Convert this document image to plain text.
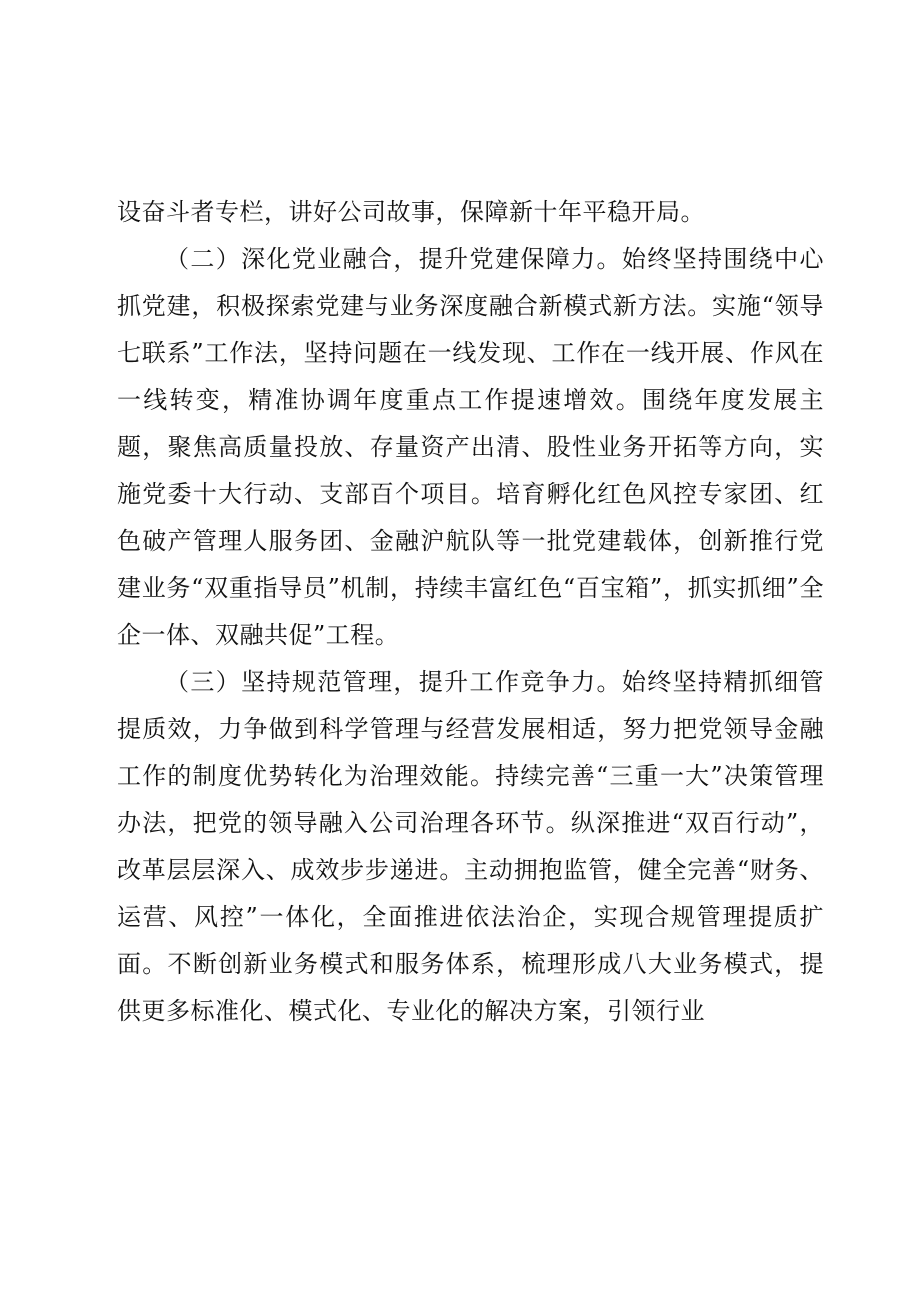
设奋斗者专栏，讲好公司故事，保障新十年平稳开局。

（二）深化党业融合，提升党建保障力。始终坚持围绕中心抓党建，积极探索党建与业务深度融合新模式新方法。实施“领导七联系”工作法，坚持问题在一线发现、工作在一线开展、作风在一线转变，精准协调年度重点工作提速增效。围绕年度发展主题，聚焦高质量投放、存量资产出清、股性业务开拓等方向，实施党委十大行动、支部百个项目。培育孵化红色风控专家团、红色破产管理人服务团、金融沪航队等一批党建载体，创新推行党建业务“双重指导员”机制，持续丰富红色“百宝箱”，抓实抓细”全企一体、双融共促”工程。

（三）坚持规范管理，提升工作竞争力。始终坚持精抓细管提质效，力争做到科学管理与经营发展相适，努力把党领导金融工作的制度优势转化为治理效能。持续完善“三重一大”决策管理办法，把党的领导融入公司治理各环节。纵深推进“双百行动”，改革层层深入、成效步步递进。主动拥抱监管，健全完善“财务、运营、风控”一体化，全面推进依法治企，实现合规管理提质扩面。不断创新业务模式和服务体系，梳理形成八大业务模式，提供更多标准化、模式化、专业化的解决方案，引领行业
